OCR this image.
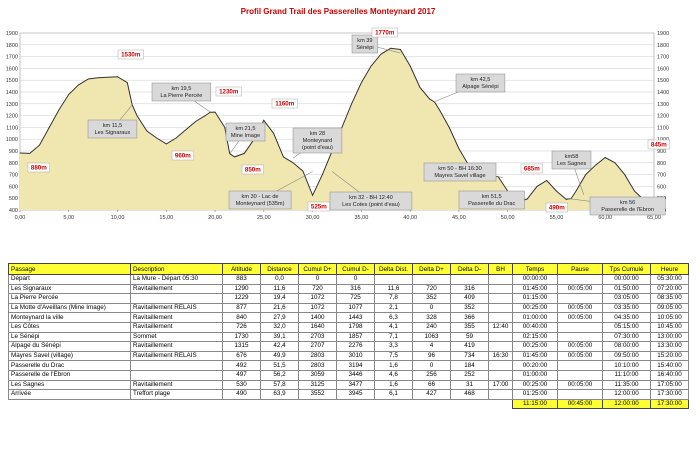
Profil Grand Trail des Passerelles Monteynard 2017
400
500
600
700
800
900
1000
1100
1200
1300
1400
1500
1600
1700
1800
1900
600
700
800
900
1100
1200
1300
1400
1500
1600
1700
1800
1900
0,00	5,00	10,00	15,00	20,00	25,00	30,00	35,00	40,00	45,00	50,00	55,00	60,00	65,00
km 11,5
Les Signaraux
km 19,5
La Pierre Percée
km 21,5
Mine Image	km 28
Monteynard
(point d'eau)
km 30 - Lac de
Monteynard (535m)
km 32 - BH 12:40
Les Cotes (point d'eau)
km 39
Sénépi
km 42,5
Alpage Sénépi
km 50 - BH 16:30
Mayres Savel village
km 51,5
Passerelle du Drac	km 56
Passerelle de l'Ebron
km58
Les Sagnes
1530m
960m
1230m
850m
1160m
880m
525m
1770m
685m
490m
845m
Passage	Description	Altitude	Distance	Cumul D+	Cumul D-	Delta Dist.	Delta D+	Delta D-	BH	Temps	Pause	Tps Cumulé	Heure
Départ	La Mure - Départ 05:30	883	0,0	0	0					00:00:00		00:00:00	05:30:00
Les Signaraux	Ravitaillement	1290	11,6	720	316	11,6	720	316		01:45:00	00:05:00	01:50:00	07:20:00
La Pierre Percée		1229	19,4	1072	725	7,8	352	409		01:15:00		03:05:00	08:35:00
La Motte d'Aveillans (Mine Image)	Ravitaillement RELAIS	877	21,6	1072	1077	2,1	0	352		00:25:00	00:05:00	03:35:00	09:05:00
Monteynard la ville	Ravitaillement	840	27,9	1400	1443	6,3	328	366		01:00:00	00:05:00	04:35:00	10:05:00
Les Côtes	Ravitaillement	726	32,0	1640	1798	4,1	240	355	12:40	00:40:00		05:15:00	10:45:00
Le Sénépi	Sommet	1730	39,1	2703	1857	7,1	1063	59		02:15:00		07:30:00	13:00:00
Alpage du Sénépi	Ravitaillement	1315	42,4	2707	2276	3,3	4	419		00:25:00	00:05:00	08:00:00	13:30:00
Mayres Savel (village)	Ravitaillement RELAIS	676	49,9	2803	3010	7,5	96	734	16:30	01:45:00	00:05:00	09:50:00	15:20:00
Passerelle du Drac		492	51,5	2803	3194	1,6	0	184		00:20:00		10:10:00	15:40:00
Passerelle de l'Ebron		497	56,2	3059	3446	4,6	256	252		01:00:00		11:10:00	16:40:00
Les Sagnes	Ravitaillement	530	57,8	3125	3477	1,6	66	31	17:00	00:25:00	00:05:00	11:35:00	17:05:00
Arrivée	Treffort plage	490	63,9	3552	3945	6,1	427	468		01:25:00		12:00:00	17:30:00
										11:15:00	00:45:00	12:00:00	17:30:00
